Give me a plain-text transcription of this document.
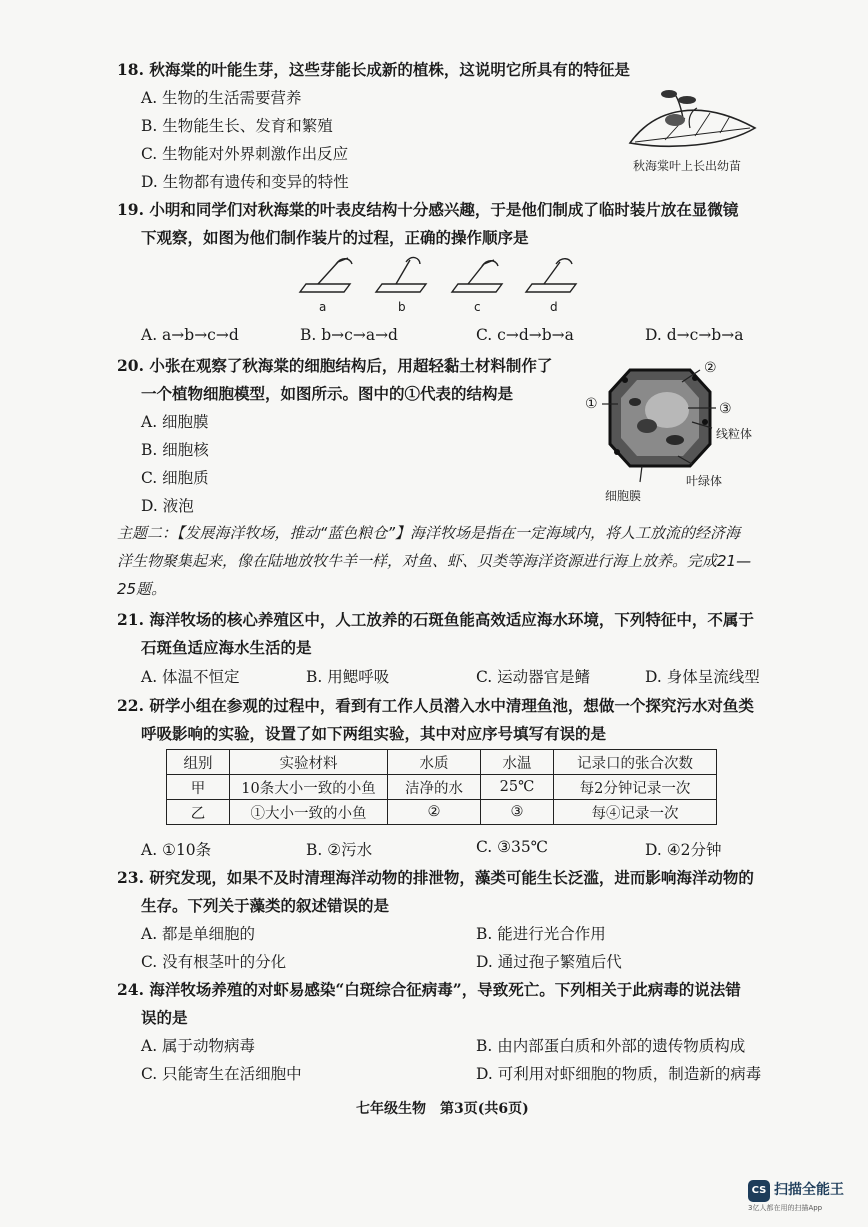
18. 秋海棠的叶能生芽，这些芽能长成新的植株，这说明它所具有的特征是
A. 生物的生活需要营养
B. 生物能生长、发育和繁殖
C. 生物能对外界刺激作出反应
D. 生物都有遗传和变异的特性
秋海棠叶上长出幼苗
19. 小明和同学们对秋海棠的叶表皮结构十分感兴趣，于是他们制成了临时装片放在显微镜
下观察，如图为他们制作装片的过程，正确的操作顺序是
a	b	c	d
A. a→b→c→d	B. b→c→a→d	C. c→d→b→a	D. d→c→b→a
20. 小张在观察了秋海棠的细胞结构后，用超轻黏土材料制作了
一个植物细胞模型，如图所示。图中的①代表的结构是
A. 细胞膜
B. 细胞核
C. 细胞质
D. 液泡
①
②
③
线粒体
叶绿体
细胞膜
主题二：【发展海洋牧场，推动“蓝色粮仓”】海洋牧场是指在一定海域内，将人工放流的经济海
洋生物聚集起来，像在陆地放牧牛羊一样，对鱼、虾、贝类等海洋资源进行海上放养。完成21—
25题。
21. 海洋牧场的核心养殖区中，人工放养的石斑鱼能高效适应海水环境，下列特征中，不属于
石斑鱼适应海水生活的是
A. 体温不恒定	B. 用鳃呼吸	C. 运动器官是鳍	D. 身体呈流线型
22. 研学小组在参观的过程中，看到有工作人员潜入水中清理鱼池，想做一个探究污水对鱼类
呼吸影响的实验，设置了如下两组实验，其中对应序号填写有误的是
组别	实验材料	水质	水温	记录口的张合次数
甲	10条大小一致的小鱼	洁净的水	25℃	每2分钟记录一次
乙	①大小一致的小鱼	②	③	每④记录一次
A. ①10条	B. ②污水	C. ③35℃	D. ④2分钟
23. 研究发现，如果不及时清理海洋动物的排泄物，藻类可能生长泛滥，进而影响海洋动物的
生存。下列关于藻类的叙述错误的是
A. 都是单细胞的	B. 能进行光合作用
C. 没有根茎叶的分化	D. 通过孢子繁殖后代
24. 海洋牧场养殖的对虾易感染“白斑综合征病毒”，导致死亡。下列相关于此病毒的说法错
误的是
A. 属于动物病毒	B. 由内部蛋白质和外部的遗传物质构成
C. 只能寄生在活细胞中	D. 可利用对虾细胞的物质，制造新的病毒
七年级生物　第3页(共6页)
CS 扫描全能王
3亿人都在用的扫描App
